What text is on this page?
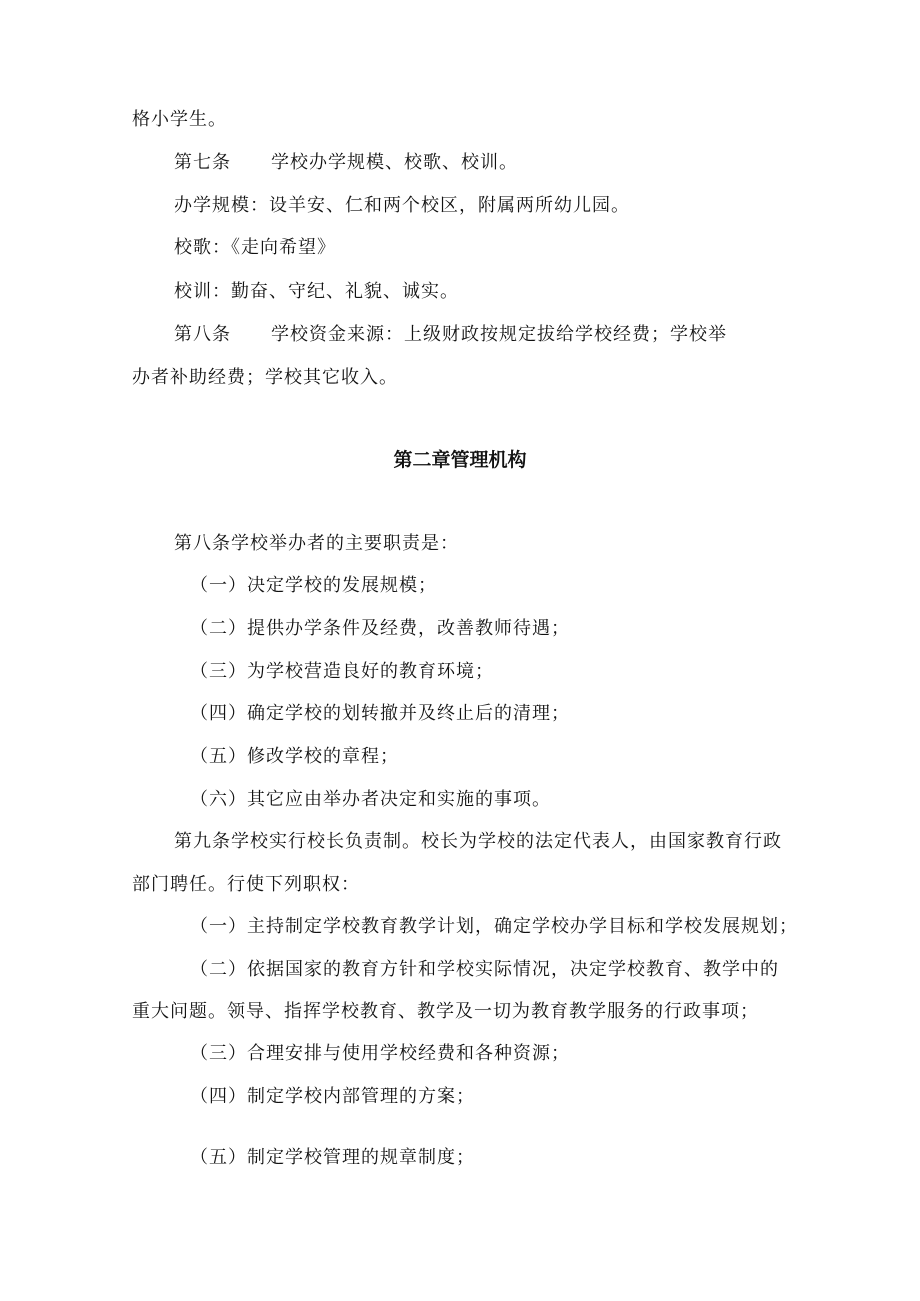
格小学生。
第七条 学校办学规模、校歌、校训。
办学规模：设羊安、仁和两个校区，附属两所幼儿园。
校歌：《走向希望》
校训：勤奋、守纪、礼貌、诚实。
第八条 学校资金来源：上级财政按规定拔给学校经费；学校举
办者补助经费；学校其它收入。
第二章管理机构
第八条学校举办者的主要职责是：
（一）决定学校的发展规模；
（二）提供办学条件及经费，改善教师待遇；
（三）为学校营造良好的教育环境；
（四）确定学校的划转撤并及终止后的清理；
（五）修改学校的章程；
（六）其它应由举办者决定和实施的事项。
第九条学校实行校长负责制。校长为学校的法定代表人，由国家教育行政
部门聘任。行使下列职权：
（一）主持制定学校教育教学计划，确定学校办学目标和学校发展规划；
（二）依据国家的教育方针和学校实际情况，决定学校教育、教学中的
重大问题。领导、指挥学校教育、教学及一切为教育教学服务的行政事项；
（三）合理安排与使用学校经费和各种资源；
（四）制定学校内部管理的方案；
（五）制定学校管理的规章制度；
